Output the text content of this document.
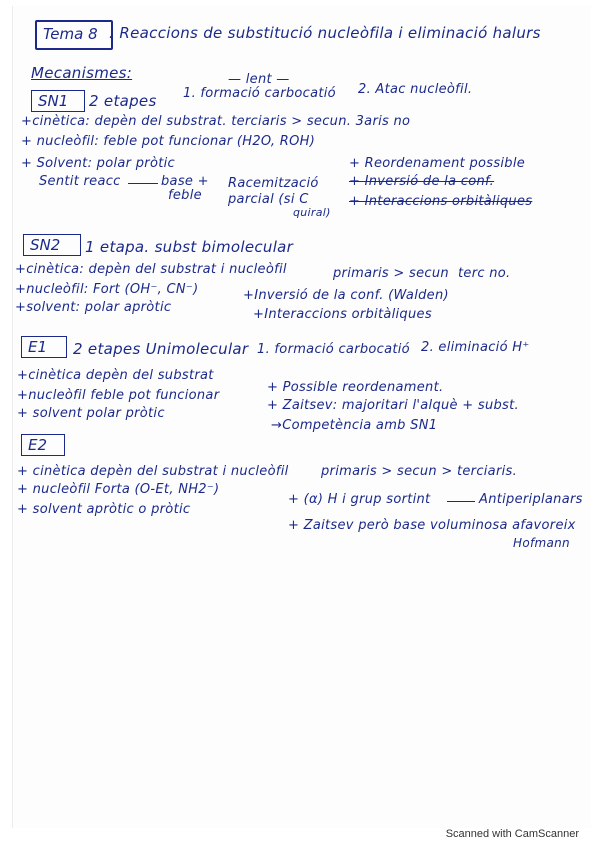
Tema 8 : Reaccions de substitució nucleòfila i eliminació halurs
Mecanismes:	— lent —
SN1 2 etapes 1. formació carbocatió 2. Atac nucleòfil.
+cinètica: depèn del substrat. terciaris > secun. 3aris no
+ nucleòfil: feble pot funcionar (H2O, ROH)
+ Solvent: polar pròtic
Sentit reacc	base +
feble
Racemització
parcial (si C
quiral)
+ Reordenament possible
+ Inversió de la conf.
+ Interaccions orbitàliques
SN2 1 etapa. subst bimolecular
+cinètica: depèn del substrat i nucleòfil	primaris > secun terc no.
+nucleòfil: Fort (OH⁻, CN⁻)
+solvent: polar apròtic
+Inversió de la conf. (Walden)
+Interaccions orbitàliques
E1 2 etapes Unimolecular 1. formació carbocatió 2. eliminació H⁺
+cinètica depèn del substrat
+nucleòfil feble pot funcionar
+ solvent polar pròtic
+ Possible reordenament.
+ Zaitsev: majoritari l'alquè + subst.
→Competència amb SN1
E2
+ cinètica depèn del substrat i nucleòfil primaris > secun > terciaris.
+ nucleòfil Forta (O-Et, NH2⁻)
+ solvent apròtic o pròtic
+ (α) H i grup sortint	Antiperiplanars
+ Zaitsev però base voluminosa afavoreix
Hofmann
Scanned with CamScanner
